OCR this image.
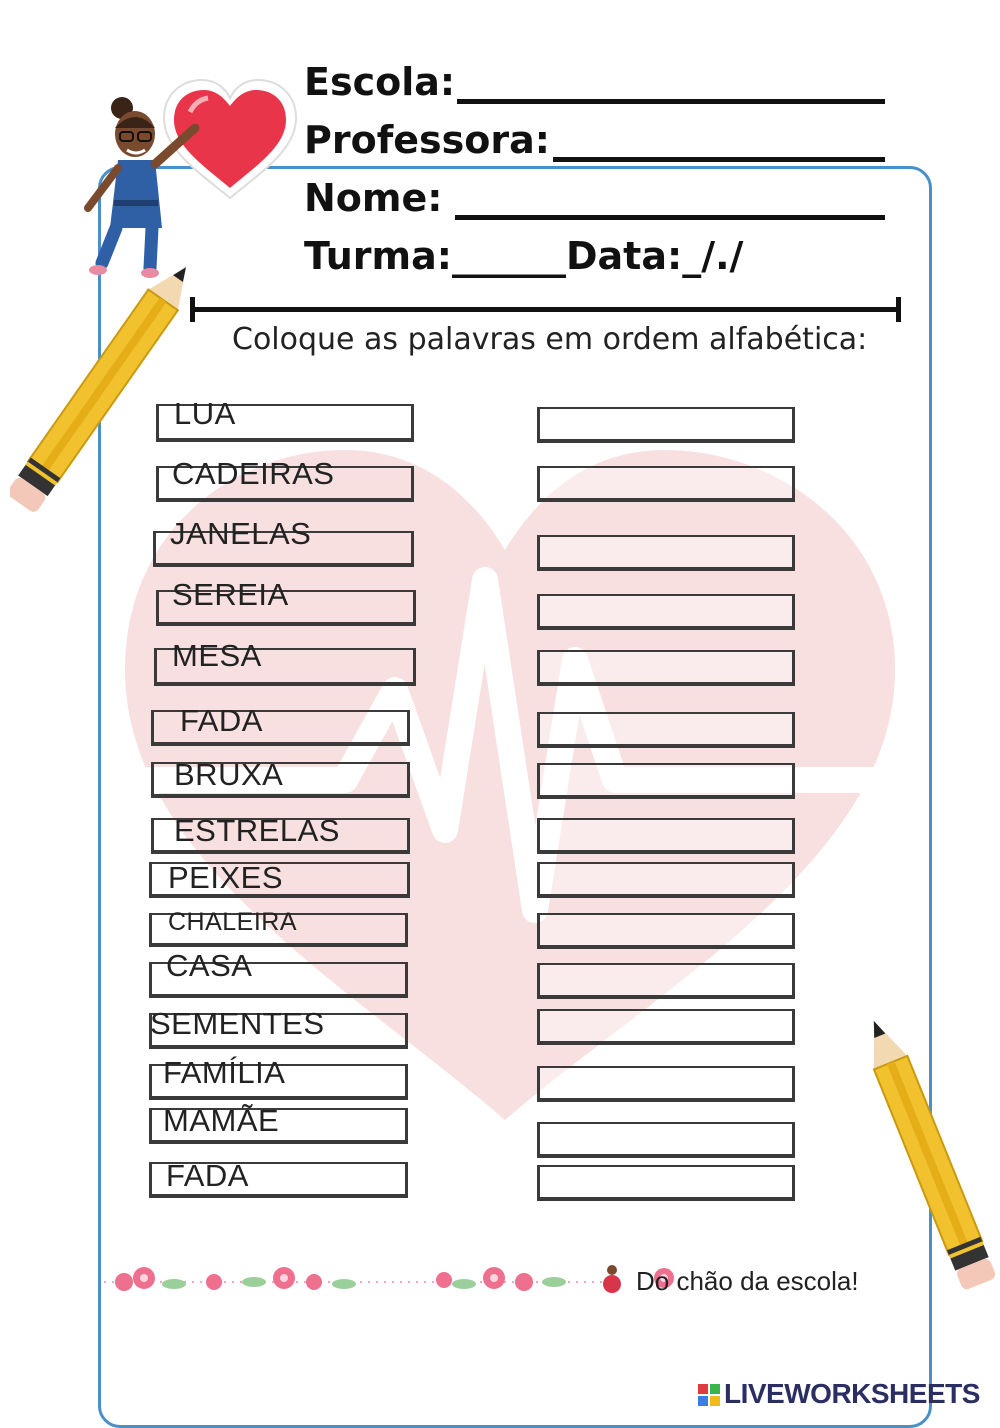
Escola:
Professora:
Nome:
Turma:______Data:_/./
Coloque as palavras em ordem alfabética:
LUA
CADEIRAS
JANELAS
SEREIA
MESA
FADA
BRUXA
ESTRELAS
PEIXES
CHALEIRA
CASA
SEMENTES
FAMÍLIA
MAMÃE
FADA
Do chão da escola!
LIVEWORKSHEETS
